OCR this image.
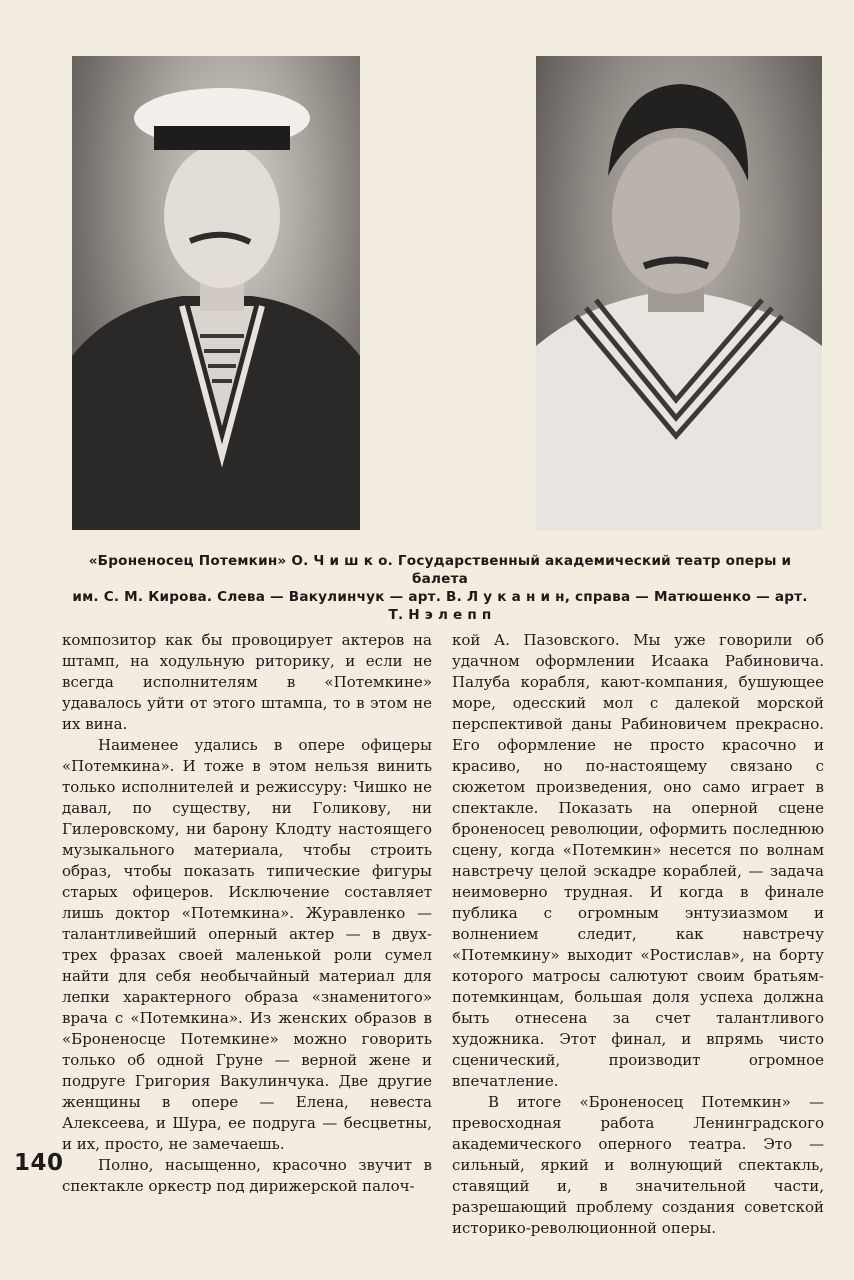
«Броненосец Потемкин» О. Ч и ш к о. Государственный академический театр оперы и балета

им. С. М. Кирова. Слева — Вакулинчук — арт. В. Л у к а н и н, справа — Матюшенко — арт.

Т. Н э л е п п

композитор как бы провоцирует актеров на штамп, на ходульную риторику, и если не всегда исполнителям в «Потемкине» удавалось уйти от этого штампа, то в этом не их вина.

Наименее удались в опере офицеры «Потемкина». И тоже в этом нельзя винить только исполнителей и режиссуру: Чишко не давал, по существу, ни Голикову, ни Гилеровскому, ни барону Клодту настоящего музыкального материала, чтобы строить образ, чтобы показать типические фигуры старых офицеров. Исключение составляет лишь доктор «Потемкина». Журавленко — талантливейший оперный актер — в двух-трех фразах своей маленькой роли сумел найти для себя необычайный материал для лепки характерного образа «знаменитого» врача с «Потемкина». Из женских образов в «Броненосце Потемкине» можно говорить только об одной Груне — верной жене и подруге Григория Вакулинчука. Две другие женщины в опере — Елена, невеста Алексеева, и Шура, ее подруга — бесцветны, и их, просто, не замечаешь.

Полно, насыщенно, красочно звучит в спектакле оркестр под дирижерской палоч-

кой А. Пазовского. Мы уже говорили об удачном оформлении Исаака Рабиновича. Палуба корабля, кают-компания, бушующее море, одесский мол с далекой морской перспективой даны Рабиновичем прекрасно. Его оформление не просто красочно и красиво, но по-настоящему связано с сюжетом произведения, оно само играет в спектакле. Показать на оперной сцене броненосец революции, оформить последнюю сцену, когда «Потемкин» несется по волнам навстречу целой эскадре кораблей, — задача неимоверно трудная. И когда в финале публика с огромным энтузиазмом и волнением следит, как навстречу «Потемкину» выходит «Ростислав», на борту которого матросы салютуют своим братьям-потемкинцам, большая доля успеха должна быть отнесена за счет талантливого художника. Этот финал, и впрямь чисто сценический, производит огромное впечатление.

В итоге «Броненосец Потемкин» — превосходная работа Ленинградского академического оперного театра. Это — сильный, яркий и волнующий спектакль, ставящий и, в значительной части, разрешающий проблему создания советской историко-революционной оперы.

140
